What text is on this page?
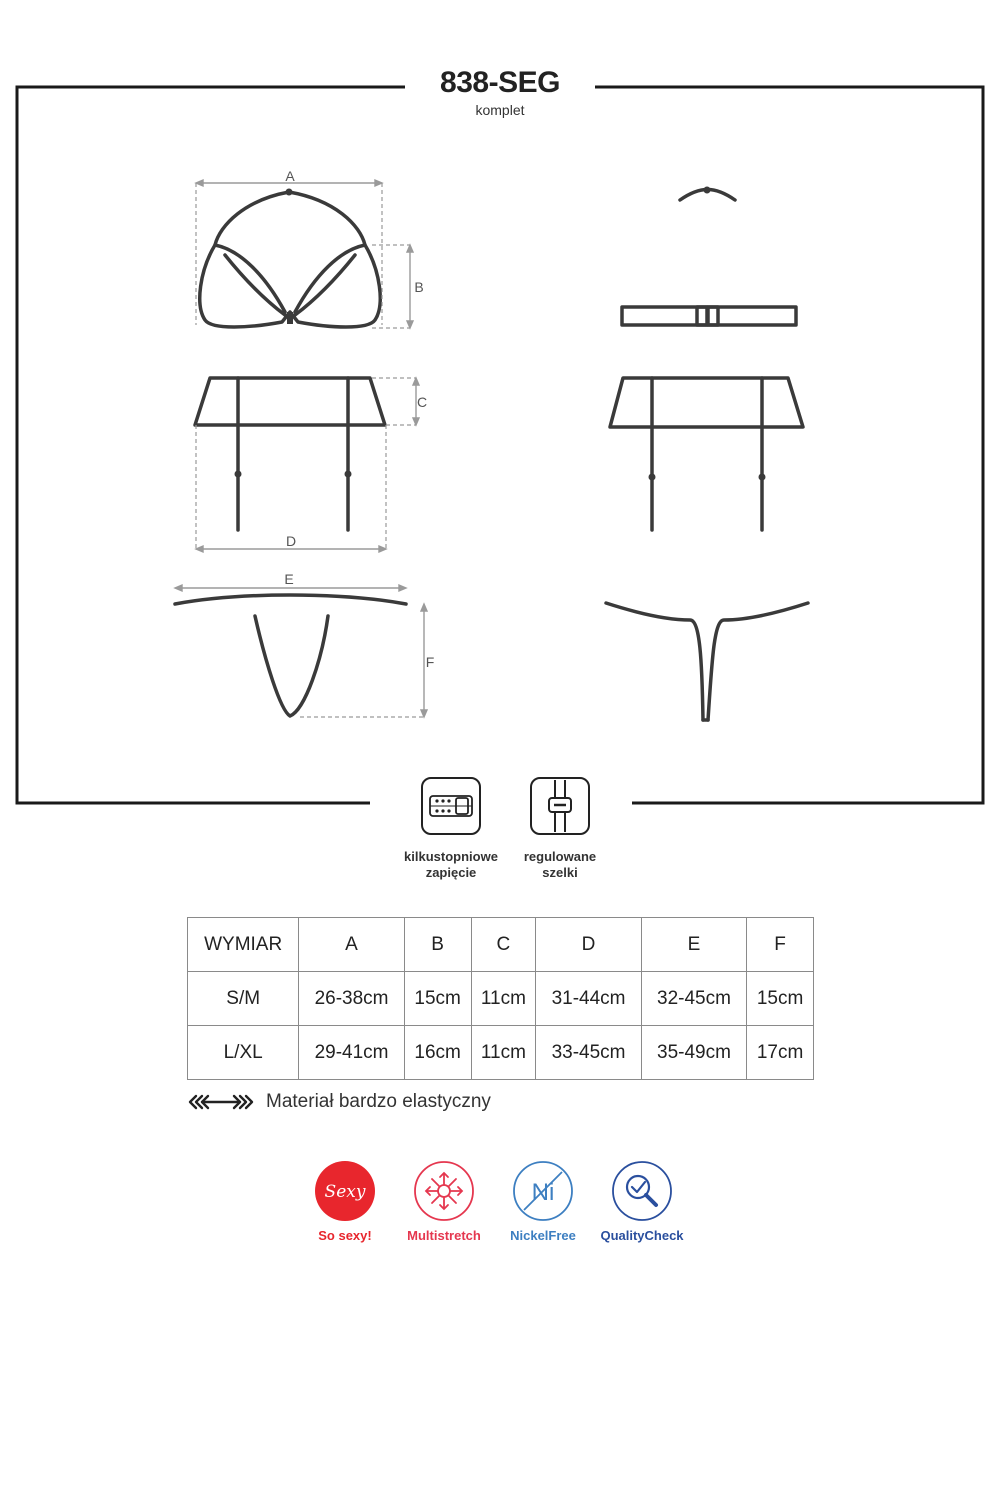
838-SEG
komplet
A
B
C
D
E
F
kilkustopniowe
zapięcie
regulowane
szelki
WYMIAR	A	B	C	D	E	F
S/M	26-38cm	15cm	11cm	31-44cm	32-45cm	15cm
L/XL	29-41cm	16cm	11cm	33-45cm	35-49cm	17cm
Materiał bardzo elastyczny
Sexy
So sexy!	Multistretch
Ni
NickelFree	QualityCheck
